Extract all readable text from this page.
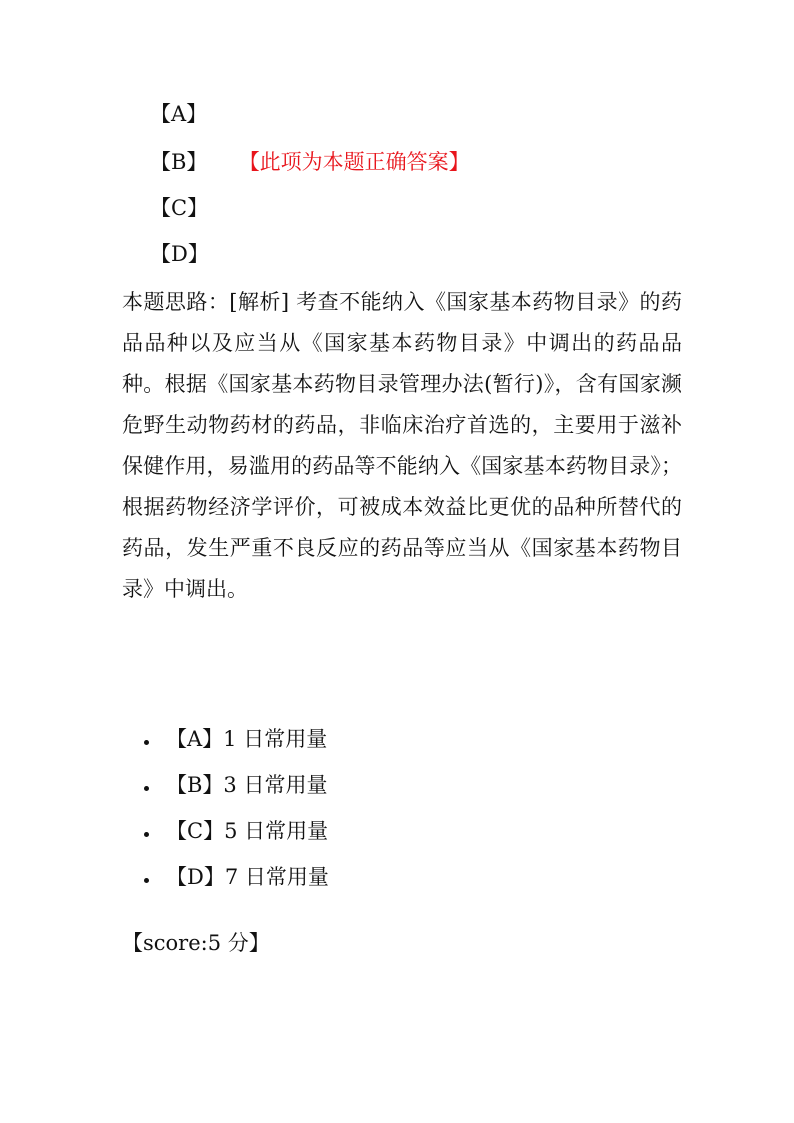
【A】
【B】 【此项为本题正确答案】
【C】
【D】

本题思路：[解析] 考查不能纳入《国家基本药物目录》的药品品种以及应当从《国家基本药物目录》中调出的药品品种。根据《国家基本药物目录管理办法(暂行)》，含有国家濒危野生动物药材的药品，非临床治疗首选的，主要用于滋补保健作用，易滥用的药品等不能纳入《国家基本药物目录》；根据药物经济学评价，可被成本效益比更优的品种所替代的药品，发生严重不良反应的药品等应当从《国家基本药物目录》中调出。

【A】1 日常用量
【B】3 日常用量
【C】5 日常用量
【D】7 日常用量
【score:5 分】
